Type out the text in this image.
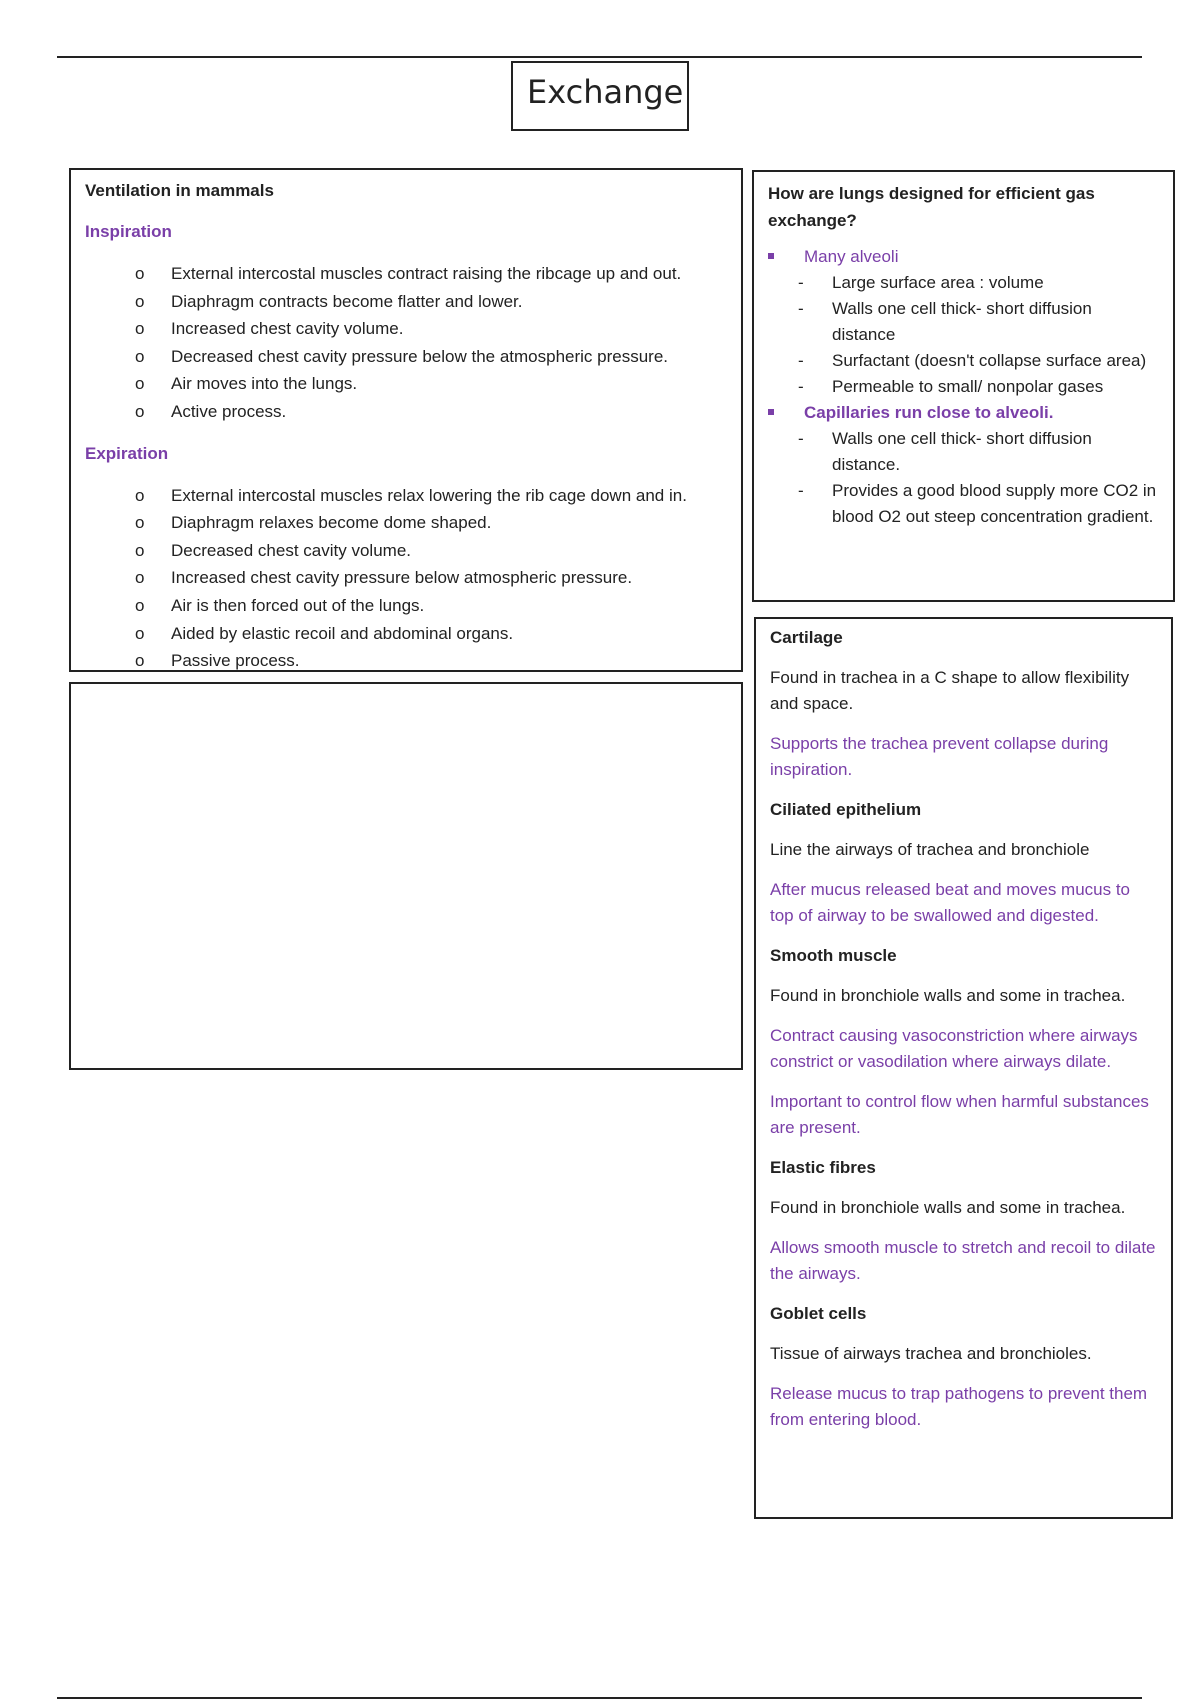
Exchange

Ventilation in mammals

Inspiration

o External intercostal muscles contract raising the ribcage up and out.
o Diaphragm contracts become flatter and lower.
o Increased chest cavity volume.
o Decreased chest cavity pressure below the atmospheric pressure.
o Air moves into the lungs.
o Active process.

Expiration

o External intercostal muscles relax lowering the rib cage down and in.
o Diaphragm relaxes become dome shaped.
o Decreased chest cavity volume.
o Increased chest cavity pressure below atmospheric pressure.
o Air is then forced out of the lungs.
o Aided by elastic recoil and abdominal organs.
o Passive process.

How are lungs designed for efficient gas

exchange?

Many alveoli
- Large surface area : volume
- Walls one cell thick- short diffusion distance
- Surfactant (doesn't collapse surface area)
- Permeable to small/ nonpolar gases
Capillaries run close to alveoli.
- Walls one cell thick- short diffusion distance.
- Provides a good blood supply more CO2 in blood O2 out steep concentration gradient.

Cartilage

Found in trachea in a C shape to allow flexibility and space.

Supports the trachea prevent collapse during inspiration.

Ciliated epithelium

Line the airways of trachea and bronchiole

After mucus released beat and moves mucus to top of airway to be swallowed and digested.

Smooth muscle

Found in bronchiole walls and some in trachea.

Contract causing vasoconstriction where airways constrict or vasodilation where airways dilate.

Important to control flow when harmful substances are present.

Elastic fibres

Found in bronchiole walls and some in trachea.

Allows smooth muscle to stretch and recoil to dilate the airways.

Goblet cells

Tissue of airways trachea and bronchioles.

Release mucus to trap pathogens to prevent them from entering blood.
